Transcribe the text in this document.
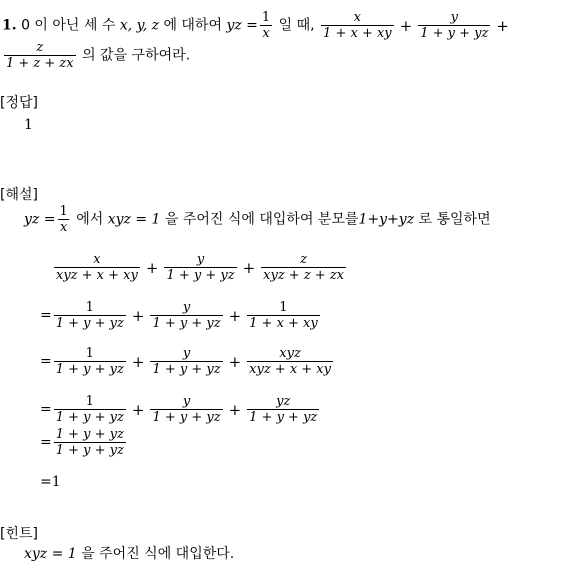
1. 0 이 아닌 세 수 x, y, z 에 대하여 yz = $\frac{1}{x}$ 일 때, $\frac{x}{1 + x + xy} + \frac{y}{1 + y + yz}$ +
$\frac{z}{1 + z + zx}$ 의 값을 구하여라.
[정답]
1
[해설]
yz = $\frac{1}{x}$ 에서 xyz = 1 을 주어진 식에 대입하여 분모를1+y+yz 로 통일하면
$\frac{x}{\text{xyz + x + xy}} + \frac{y}{1 + y + yz} + \frac{z}{\text{xyz + z + zx}}$
= $\frac{1}{1 + y + yz} + \frac{y}{1 + y + yz} + \frac{1}{1 + x + xy}$
= $\frac{1}{1 + y + yz} + \frac{y}{1 + y + yz} + \frac{\text{xyz}}{\text{xyz + x + xy}}$
= $\frac{1}{1 + y + yz} + \frac{y}{1 + y + yz} + \frac{yz}{1 + y + yz}$
= $\frac{1 + y + yz}{1 + y + yz}$
=1
[힌트]
xyz = 1 을 주어진 식에 대입한다.
